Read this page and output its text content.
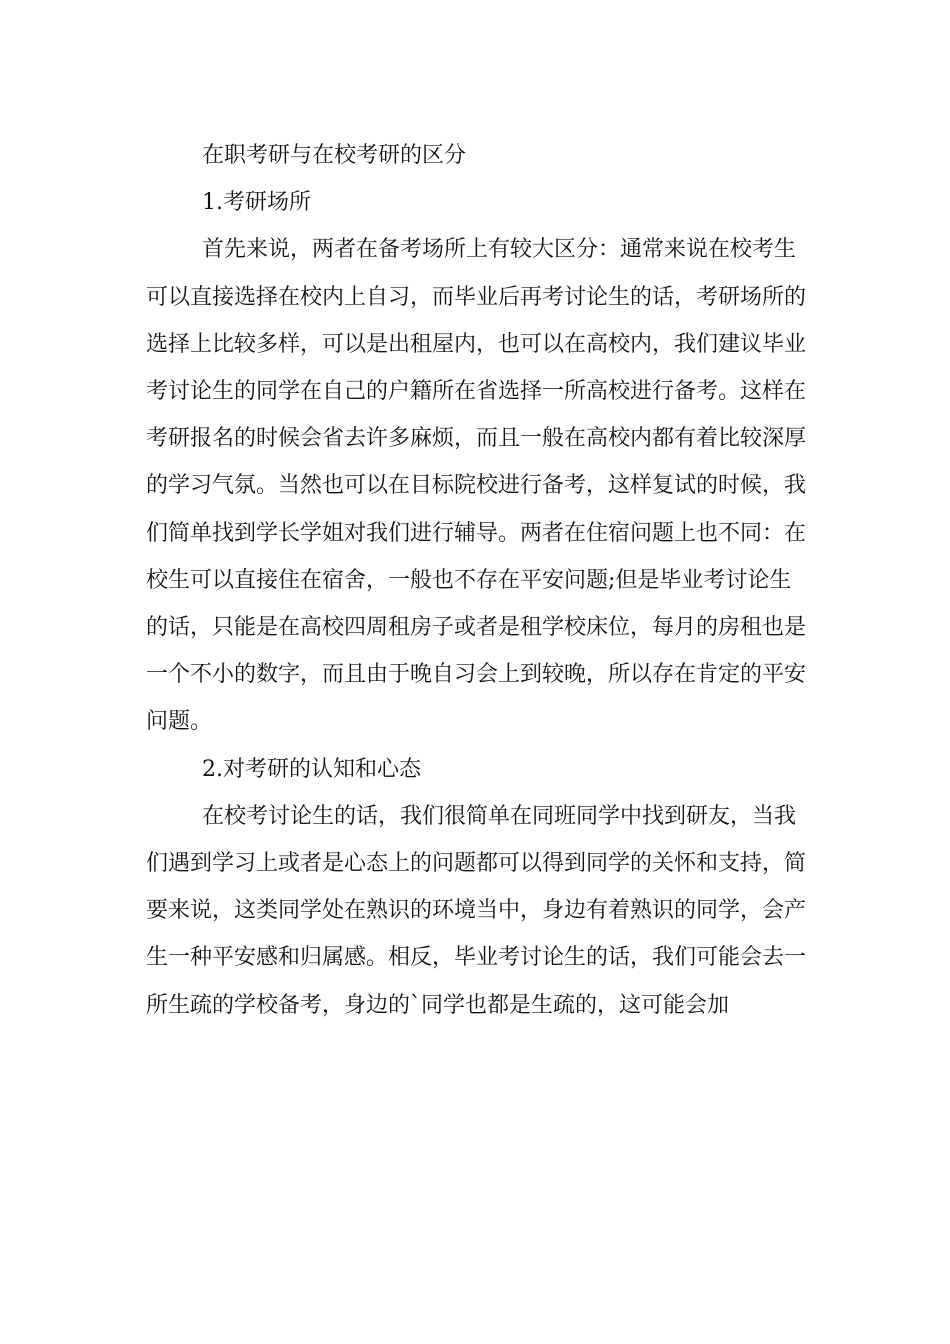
在职考研与在校考研的区分

1.考研场所

首先来说，两者在备考场所上有较大区分：通常来说在校考生可以直接选择在校内上自习，而毕业后再考讨论生的话，考研场所的选择上比较多样，可以是出租屋内，也可以在高校内，我们建议毕业考讨论生的同学在自己的户籍所在省选择一所高校进行备考。这样在考研报名的时候会省去许多麻烦，而且一般在高校内都有着比较深厚的学习气氛。当然也可以在目标院校进行备考，这样复试的时候，我们简单找到学长学姐对我们进行辅导。两者在住宿问题上也不同：在校生可以直接住在宿舍，一般也不存在平安问题;但是毕业考讨论生的话，只能是在高校四周租房子或者是租学校床位，每月的房租也是一个不小的数字，而且由于晚自习会上到较晚，所以存在肯定的平安问题。

2.对考研的认知和心态

在校考讨论生的话，我们很简单在同班同学中找到研友，当我们遇到学习上或者是心态上的问题都可以得到同学的关怀和支持，简要来说，这类同学处在熟识的环境当中，身边有着熟识的同学，会产生一种平安感和归属感。相反，毕业考讨论生的话，我们可能会去一所生疏的学校备考，身边的`同学也都是生疏的，这可能会加
